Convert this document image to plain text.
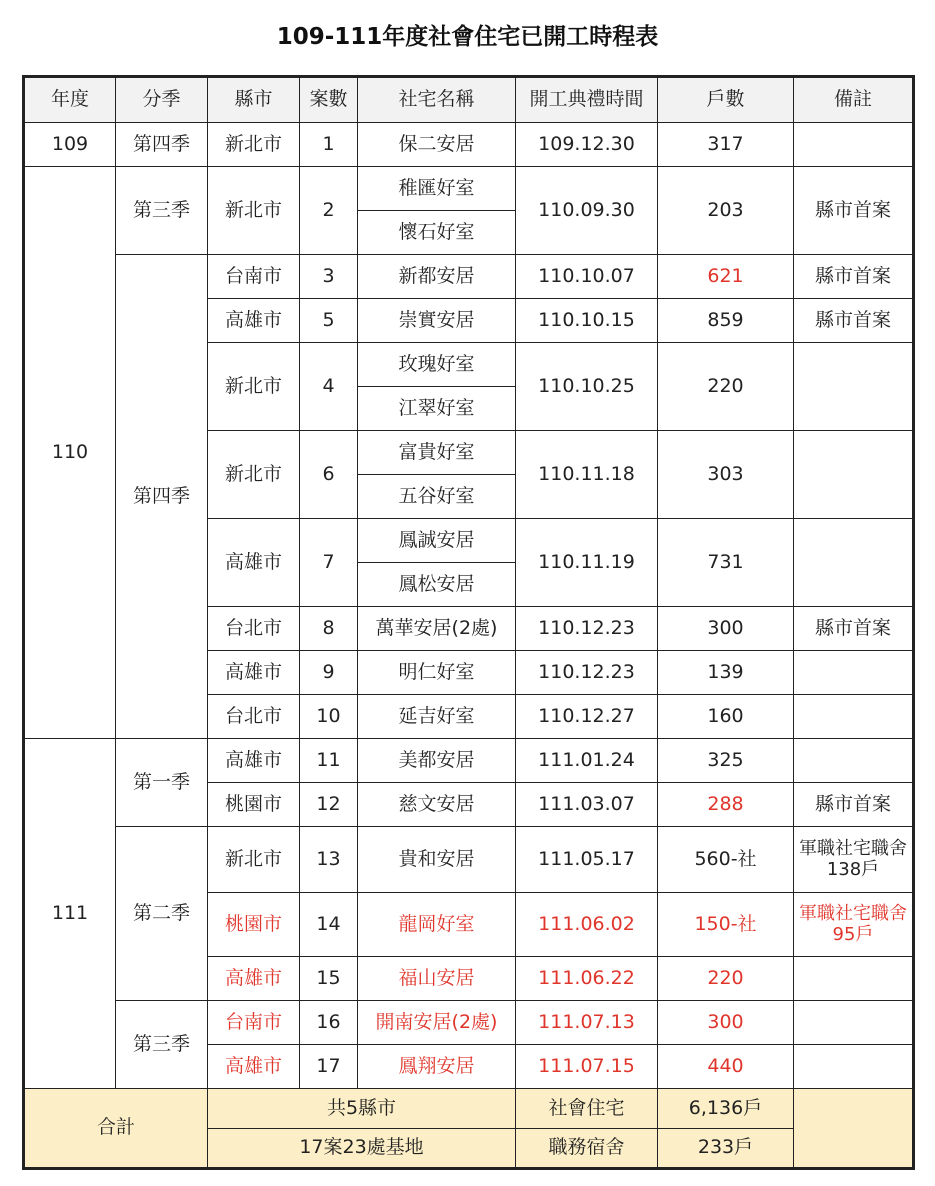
109-111年度社會住宅已開工時程表
年度	分季	縣市	案數	社宅名稱	開工典禮時間	戶數	備註
109	第四季	新北市	1	保二安居	109.12.30	317	
110	第三季	新北市	2	稚匯好室	110.09.30	203	縣市首案
				懷石好室			
	第四季	台南市	3	新都安居	110.10.07	621	縣市首案
		高雄市	5	崇實安居	110.10.15	859	縣市首案
		新北市	4	玫瑰好室	110.10.25	220	
				江翠好室			
		新北市	6	富貴好室	110.11.18	303	
				五谷好室			
		高雄市	7	鳳誠安居	110.11.19	731	
				鳳松安居			
		台北市	8	萬華安居(2處)	110.12.23	300	縣市首案
		高雄市	9	明仁好室	110.12.23	139	
		台北市	10	延吉好室	110.12.27	160	
111	第一季	高雄市	11	美都安居	111.01.24	325	
		桃園市	12	慈文安居	111.03.07	288	縣市首案
	第二季	新北市	13	貴和安居	111.05.17	560-社	軍職社宅職舍138戶
		桃園市	14	龍岡好室	111.06.02	150-社	軍職社宅職舍95戶
		高雄市	15	福山安居	111.06.22	220	
	第三季	台南市	16	開南安居(2處)	111.07.13	300	
		高雄市	17	鳳翔安居	111.07.15	440	
合計		共5縣市			社會住宅	6,136戶	
		17案23處基地			職務宿舍	233戶	
